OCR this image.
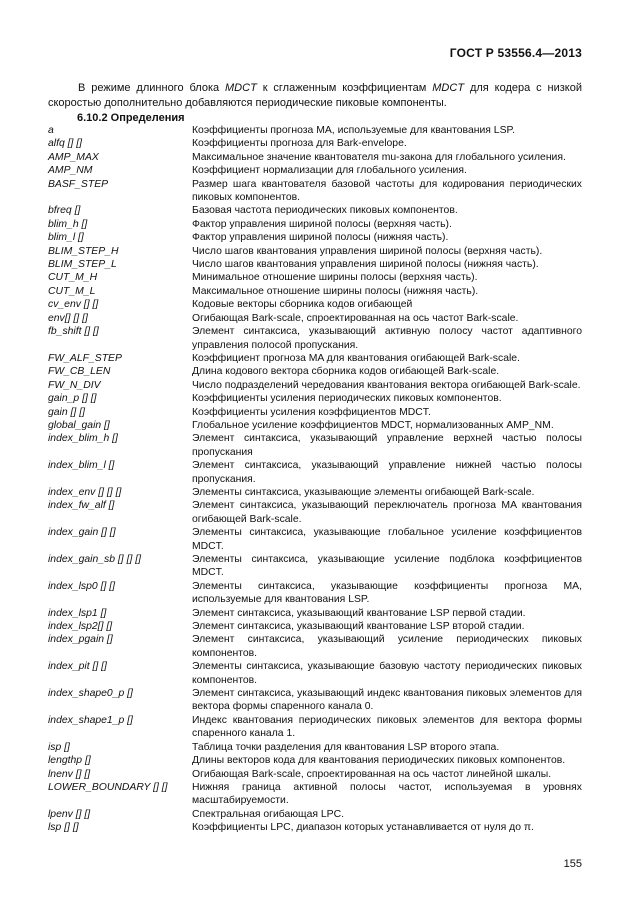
ГОСТ Р 53556.4—2013
В режиме длинного блока MDCT к сглаженным коэффициентам MDCT для кодера с низкой скоростью дополнительно добавляются периодические пиковые компоненты.
6.10.2 Определения
a	Коэффициенты прогноза MA, используемые для квантования LSP.
alfq [] []	Коэффициенты прогноза для Bark-envelope.
AMP_MAX	Максимальное значение квантователя mu-закона для глобального усиления.
AMP_NM	Коэффициент нормализации для глобального усиления.
BASF_STEP	Размер шага квантователя базовой частоты для кодирования периодических пиковых компонентов.
bfreq []	Базовая частота периодических пиковых компонентов.
blim_h []	Фактор управления шириной полосы (верхняя часть).
blim_l []	Фактор управления шириной полосы (нижняя часть).
BLIM_STEP_H	Число шагов квантования управления шириной полосы (верхняя часть).
BLIM_STEP_L	Число шагов квантования управления шириной полосы (нижняя часть).
CUT_M_H	Минимальное отношение ширины полосы (верхняя часть).
CUT_M_L	Максимальное отношение ширины полосы (нижняя часть).
cv_env [] []	Кодовые векторы сборника кодов огибающей
env[] [] []	Огибающая Bark-scale, спроектированная на ось частот Bark-scale.
fb_shift [] []	Элемент синтаксиса, указывающий активную полосу частот адаптивного управления полосой пропускания.
FW_ALF_STEP	Коэффициент прогноза MA для квантования огибающей Bark-scale.
FW_CB_LEN	Длина кодового вектора сборника кодов огибающей Bark-scale.
FW_N_DIV	Число подразделений чередования квантования вектора огибающей Bark-scale.
gain_p [] []	Коэффициенты усиления периодических пиковых компонентов.
gain [] []	Коэффициенты усиления коэффициентов MDCT.
global_gain []	Глобальное усиление коэффициентов MDCT, нормализованных AMP_NM.
index_blim_h []	Элемент синтаксиса, указывающий управление верхней частью полосы пропускания
index_blim_l []	Элемент синтаксиса, указывающий управление нижней частью полосы пропускания.
index_env [] [] []	Элементы синтаксиса, указывающие элементы огибающей Bark-scale.
index_fw_alf []	Элемент синтаксиса, указывающий переключатель прогноза MA квантования огибающей Bark-scale.
index_gain [] []	Элементы синтаксиса, указывающие глобальное усиление коэффициентов MDCT.
index_gain_sb [] [] []	Элементы синтаксиса, указывающие усиление подблока коэффициентов MDCT.
index_lsp0 [] []	Элементы синтаксиса, указывающие коэффициенты прогноза MA, используемые для квантования LSP.
index_lsp1 []	Элемент синтаксиса, указывающий квантование LSP первой стадии.
index_lsp2[] []	Элемент синтаксиса, указывающий квантование LSP второй стадии.
index_pgain []	Элемент синтаксиса, указывающий усиление периодических пиковых компонентов.
index_pit [] []	Элементы синтаксиса, указывающие базовую частоту периодических пиковых компонентов.
index_shape0_p []	Элемент синтаксиса, указывающий индекс квантования пиковых элементов для вектора формы спаренного канала 0.
index_shape1_p []	Индекс квантования периодических пиковых элементов для вектора формы спаренного канала 1.
isp []	Таблица точки разделения для квантования LSP второго этапа.
lengthp []	Длины векторов кода для квантования периодических пиковых компонентов.
lnenv [] []	Огибающая Bark-scale, спроектированная на ось частот линейной шкалы.
LOWER_BOUNDARY [] []	Нижняя граница активной полосы частот, используемая в уровнях масштабируемости.
lpenv [] []	Спектральная огибающая LPC.
lsp [] []	Коэффициенты LPC, диапазон которых устанавливается от нуля до π.
155
